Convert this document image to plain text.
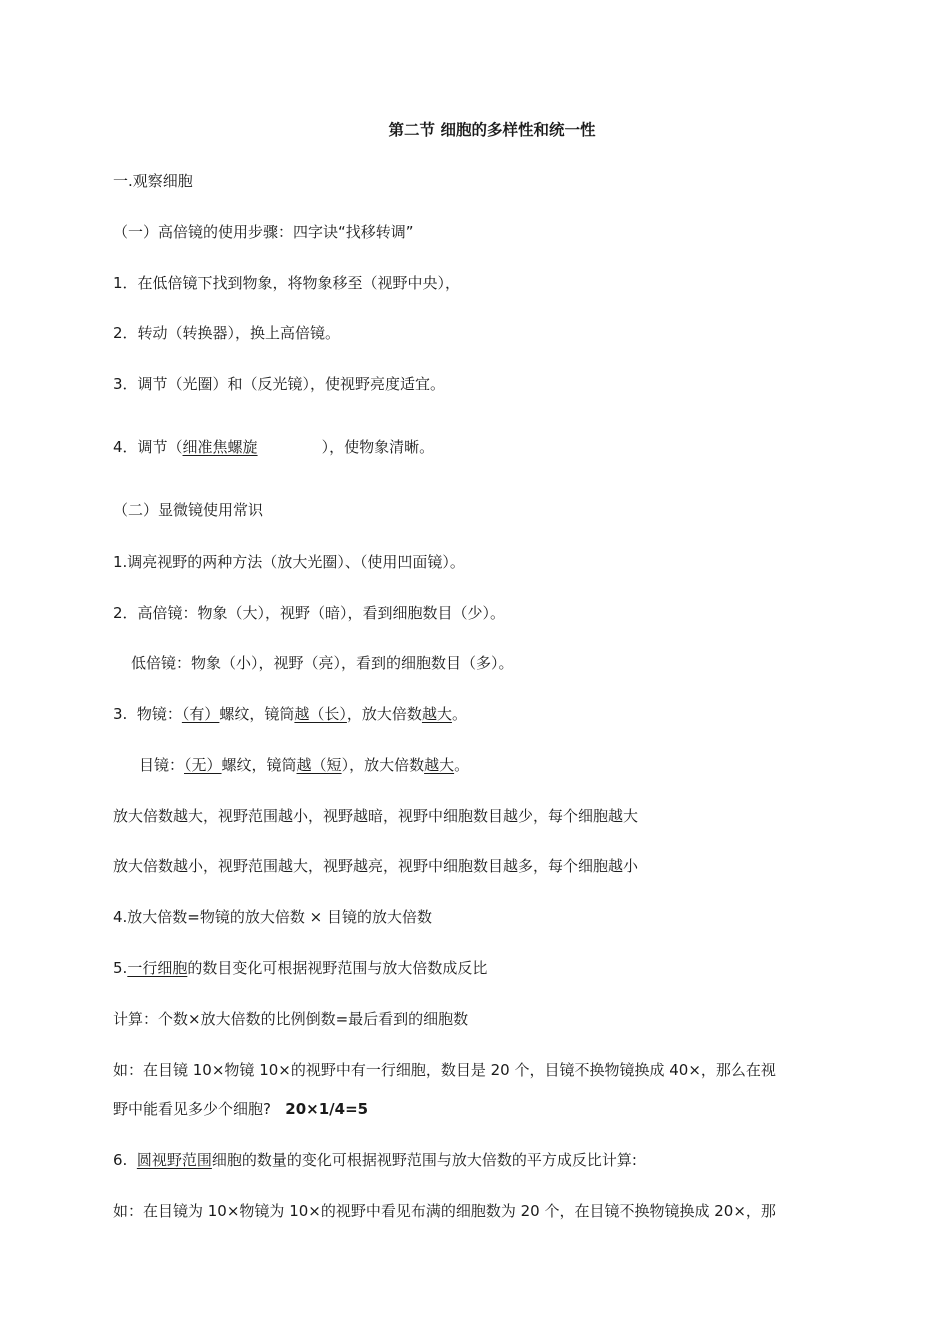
第二节 细胞的多样性和统一性
一.观察细胞
（一）高倍镜的使用步骤：四字诀“找移转调”
1．在低倍镜下找到物象，将物象移至（视野中央），
2．转动（转换器），换上高倍镜。
3．调节（光圈）和（反光镜），使视野亮度适宜。
4．调节（细准焦螺旋	），使物象清晰。
（二）显微镜使用常识
1.调亮视野的两种方法（放大光圈）、（使用凹面镜）。
2．高倍镜：物象（大），视野（暗），看到细胞数目（少）。
低倍镜：物象（小），视野（亮），看到的细胞数目（多）。
3. 物镜：（有）螺纹，镜筒越（长），放大倍数越大。
目镜：（无）螺纹，镜筒越（短），放大倍数越大。
放大倍数越大，视野范围越小，视野越暗，视野中细胞数目越少，每个细胞越大
放大倍数越小，视野范围越大，视野越亮，视野中细胞数目越多，每个细胞越小
4.放大倍数=物镜的放大倍数 × 目镜的放大倍数
5.一行细胞的数目变化可根据视野范围与放大倍数成反比
计算：个数×放大倍数的比例倒数=最后看到的细胞数
如：在目镜 10×物镜 10×的视野中有一行细胞，数目是 20 个，目镜不换物镜换成 40×，那么在视
野中能看见多少个细胞? 20×1/4=5
6. 圆视野范围细胞的数量的变化可根据视野范围与放大倍数的平方成反比计算:
如：在目镜为 10×物镜为 10×的视野中看见布满的细胞数为 20 个，在目镜不换物镜换成 20×，那
